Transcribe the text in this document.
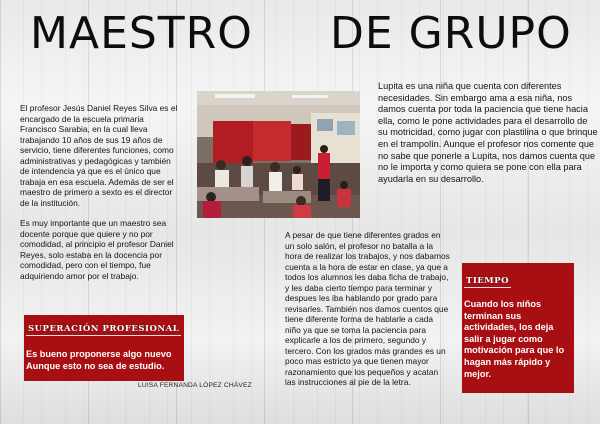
MAESTRO DE GRUPO

El profesor Jesús Daniel Reyes Silva es el encargado de la escuela primaria Francisco Sarabia, en la cual lleva trabajando 10 años de sus 19 años de servicio, tiene diferentes funciones, como administrativas y pedagógicas y también de intendencia ya que es el único que trabaja en esa escuela. Además de ser el maestro de primero a sexto es el director de la institución.

Es muy importante que un maestro sea docente porque que quiere y no por comodidad, al principio el profesor Daniel Reyes, solo estaba en la docencia por comodidad, pero con el tiempo, fue adquiriendo amor por el trabajo.

Lupita es una niña que cuenta con diferentes necesidades. Sin embargo ama a esa niña, nos damos cuenta por toda la paciencia que tiene hacia ella, como le pone actividades para el desarrollo de su motricidad, como jugar con plastilina o que brinque en el trampolín. Aunque el profesor nos comente que no sabe que ponerle a Lupita, nos damos cuenta que no le importa y como quiera se pone con ella para ayudarla en su desarrollo.

A pesar de que tiene diferentes grados en un solo salón, el profesor no batalla a la hora de realizar los trabajos, y nos dabamos cuenta a la hora de estar en clase, ya que a todos los alumnos les daba ficha de trabajo, y les daba cierto tiempo para terminar y despues les iba hablando por grado para revisarles. También nos damos cuentos que tiene diferente forma de hablarle a cada niño ya que se toma la paciencia para explicarle a los de primero, segundo y tercero. Con los grados más grandes es un poco mas estricto ya que tienen mayor razonamiento que los pequeños y acatan las instrucciones al pie de la letra.

SUPERACIÓN PROFESIONAL
Es bueno proponerse algo nuevo Aunque esto no sea de estudio.
LUISA FERNANDA LÓPEZ CHÁVEZ
TIEMPO
Cuando los niños terminan sus actividades, los deja salir a jugar como motivación para que lo hagan más rápido y mejor.
